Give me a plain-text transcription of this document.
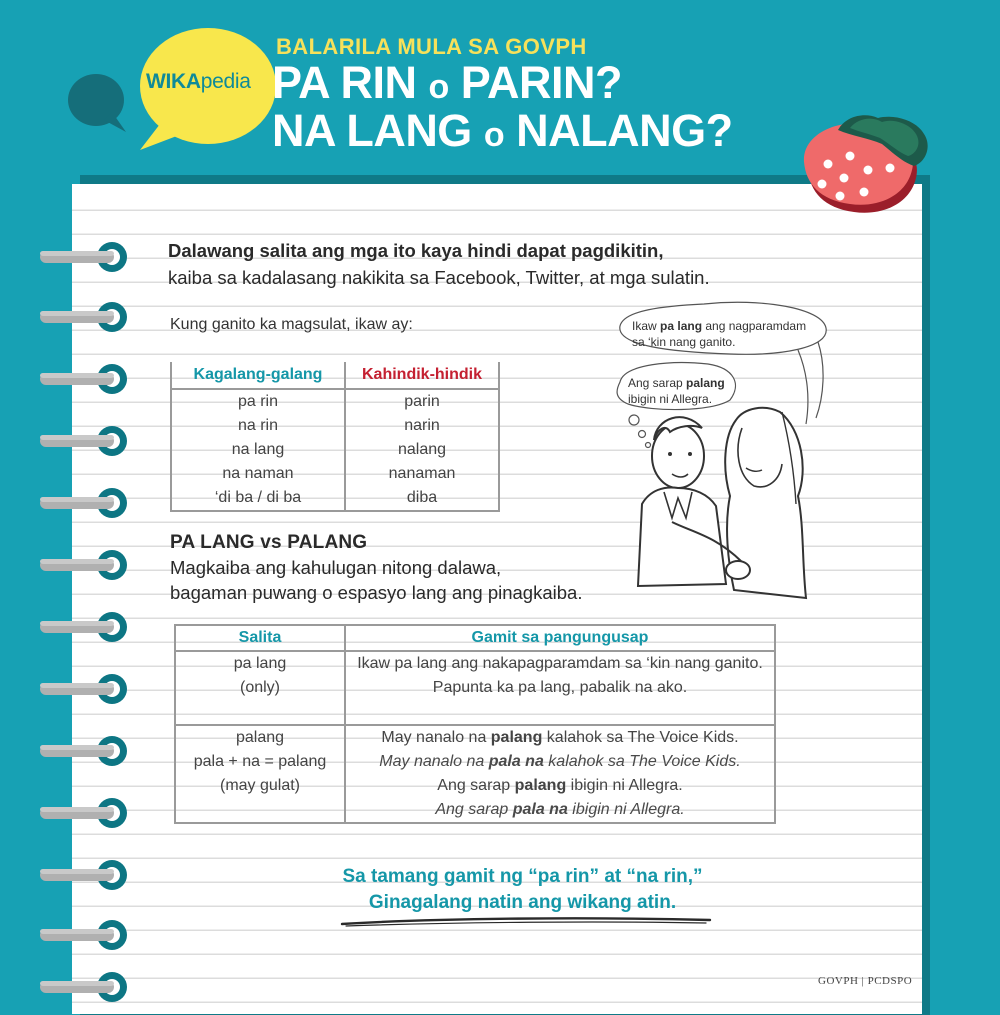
WIKApedia
BALARILA MULA SA GOVPH
PA RIN o PARIN?
NA LANG o NALANG?
Dalawang salita ang mga ito kaya hindi dapat pagdikitin,
kaiba sa kadalasang nakikita sa Facebook, Twitter, at mga sulatin.
Kung ganito ka magsulat, ikaw ay:
Kagalang-galang	Kahindik-hindik
pa rin	parin
na rin	narin
na lang	nalang
na naman	nanaman
‘di ba / di ba	diba
Ikaw pa lang ang nagparamdam
sa ‘kin nang ganito.
Ang sarap palang
ibigin ni Allegra.
PA LANG vs PALANG
Magkaiba ang kahulugan nitong dalawa,
bagaman puwang o espasyo lang ang pinagkaiba.
Salita	Gamit sa pangungusap
pa lang	Ikaw pa lang ang nakapagparamdam sa ‘kin nang ganito.
(only)	Papunta ka pa lang, pabalik na ako.

palang	May nanalo na palang kalahok sa The Voice Kids.
pala + na = palang	May nanalo na pala na kalahok sa The Voice Kids.
(may gulat)	Ang sarap palang ibigin ni Allegra.
	Ang sarap pala na ibigin ni Allegra.
Sa tamang gamit ng “pa rin” at “na rin,”
Ginagalang natin ang wikang atin.
GOVPH | PCDSPO
